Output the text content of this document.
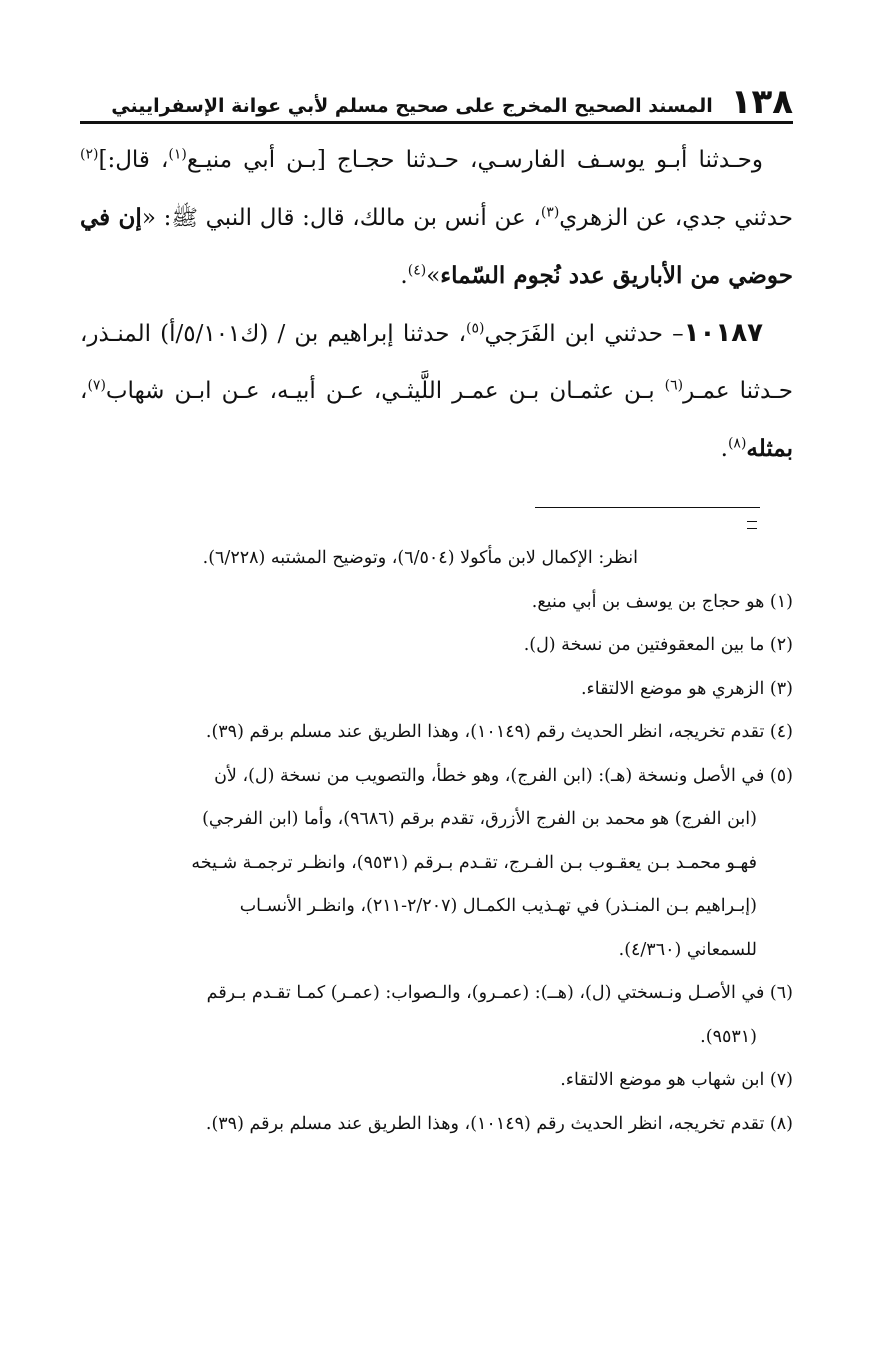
١٣٨
المسند الصحيح المخرج على صحيح مسلم لأبي عوانة الإسفراييني

وحـدثنا أبـو يوسـف الفارسـي، حـدثنا حجـاج [بـن أبي منيـع$^{(١)}$، قال:]$^{(٢)}$ حدثني جدي، عن الزهري$^{(٣)}$، عن أنس بن مالك، قال: قال النبي ﷺ: «إن في حوضي من الأباريق عدد نُجوم السّماء»$^{(٤)}$.

١٠١٨٧– حدثني ابن الفَرَجي$^{(٥)}$، حدثنا إبراهيم بن / (ك٥/١٠١/أ) المنـذر، حـدثنا عمـر$^{(٦)}$ بـن عثمـان بـن عمـر اللَّيثـي، عـن أبيـه، عـن ابـن شهاب$^{(٧)}$، بمثله$^{(٨)}$.

انظر: الإكمال لابن مأكولا (٦/٥٠٤)، وتوضيح المشتبه (٦/٢٢٨).

(١) هو حجاج بن يوسف بن أبي منيع.

(٢) ما بين المعقوفتين من نسخة (ل).

(٣) الزهري هو موضع الالتقاء.

(٤) تقدم تخريجه، انظر الحديث رقم (١٠١٤٩)، وهذا الطريق عند مسلم برقم (٣٩).

(٥) في الأصل ونسخة (هـ): (ابن الفرج)، وهو خطأ، والتصويب من نسخة (ل)، لأن
(ابن الفرج) هو محمد بن الفرج الأزرق، تقدم برقم (٩٦٨٦)، وأما (ابن الفرجي)
فهـو محمـد بـن يعقـوب بـن الفـرج، تقـدم بـرقم (٩٥٣١)، وانظـر ترجمـة شـيخه
(إبـراهيم بـن المنـذر) في تهـذيب الكمـال (٢/٢٠٧-٢١١)، وانظـر الأنسـاب
للسمعاني (٤/٣٦٠).
(٦) في الأصـل ونـسختي (ل)، (هــ): (عمـرو)، والـصواب: (عمـر) كمـا تقـدم بـرقم
(٩٥٣١).

(٧) ابن شهاب هو موضع الالتقاء.

(٨) تقدم تخريجه، انظر الحديث رقم (١٠١٤٩)، وهذا الطريق عند مسلم برقم (٣٩).
